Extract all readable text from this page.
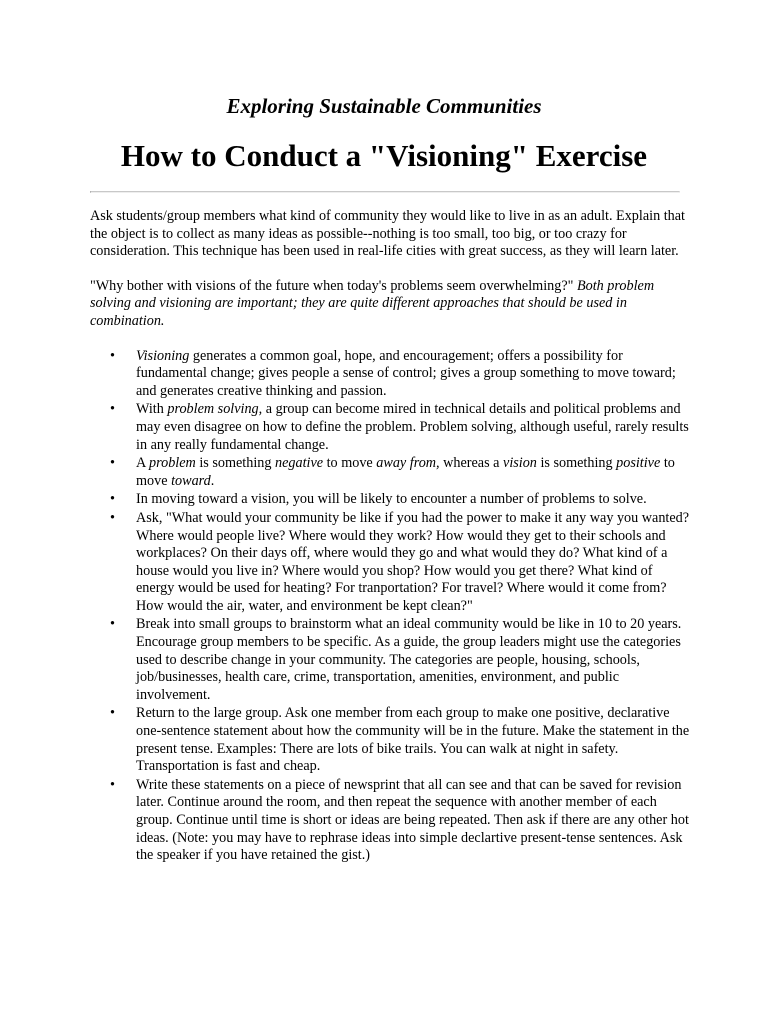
Exploring Sustainable Communities
How to Conduct a "Visioning" Exercise

Ask students/group members what kind of community they would like to live in as an adult. Explain that the object is to collect as many ideas as possible--nothing is too small, too big, or too crazy for consideration. This technique has been used in real-life cities with great success, as they will learn later.

"Why bother with visions of the future when today's problems seem overwhelming?" Both problem solving and visioning are important; they are quite different approaches that should be used in combination.

• Visioning generates a common goal, hope, and encouragement; offers a possibility for fundamental change; gives people a sense of control; gives a group something to move toward; and generates creative thinking and passion.
• With problem solving, a group can become mired in technical details and political problems and may even disagree on how to define the problem. Problem solving, although useful, rarely results in any really fundamental change.
• A problem is something negative to move away from, whereas a vision is something positive to move toward.
• In moving toward a vision, you will be likely to encounter a number of problems to solve.
• Ask, "What would your community be like if you had the power to make it any way you wanted? Where would people live? Where would they work? How would they get to their schools and workplaces? On their days off, where would they go and what would they do? What kind of a house would you live in? Where would you shop? How would you get there? What kind of energy would be used for heating? For tranportation? For travel? Where would it come from? How would the air, water, and environment be kept clean?"
• Break into small groups to brainstorm what an ideal community would be like in 10 to 20 years. Encourage group members to be specific. As a guide, the group leaders might use the categories used to describe change in your community. The categories are people, housing, schools, job/businesses, health care, crime, transportation, amenities, environment, and public involvement.
• Return to the large group. Ask one member from each group to make one positive, declarative one-sentence statement about how the community will be in the future. Make the statement in the present tense. Examples: There are lots of bike trails. You can walk at night in safety. Transportation is fast and cheap.
• Write these statements on a piece of newsprint that all can see and that can be saved for revision later. Continue around the room, and then repeat the sequence with another member of each group. Continue until time is short or ideas are being repeated. Then ask if there are any other hot ideas. (Note: you may have to rephrase ideas into simple declartive present-tense sentences. Ask the speaker if you have retained the gist.)
